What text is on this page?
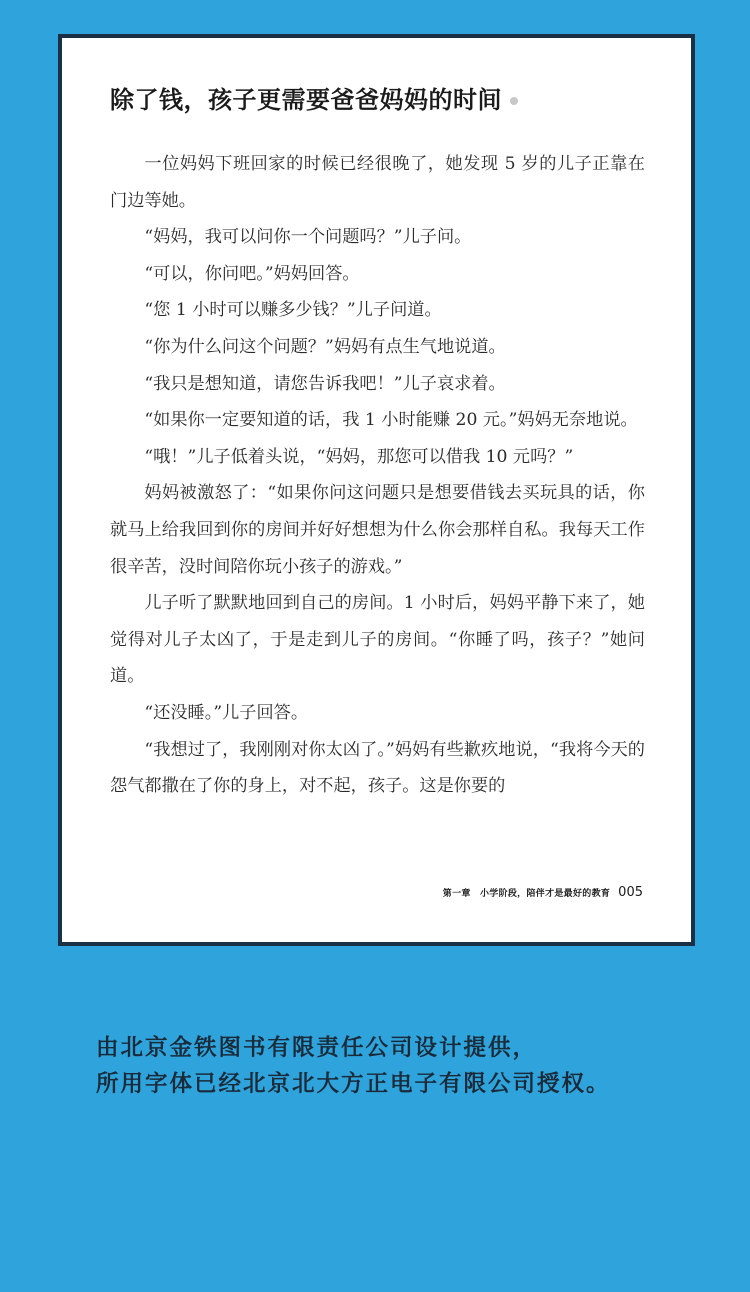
除了钱，孩子更需要爸爸妈妈的时间

一位妈妈下班回家的时候已经很晚了，她发现 5 岁的儿子正靠在门边等她。

“妈妈，我可以问你一个问题吗？”儿子问。

“可以，你问吧。”妈妈回答。

“您 1 小时可以赚多少钱？”儿子问道。

“你为什么问这个问题？”妈妈有点生气地说道。

“我只是想知道，请您告诉我吧！”儿子哀求着。

“如果你一定要知道的话，我 1 小时能赚 20 元。”妈妈无奈地说。

“哦！”儿子低着头说，“妈妈，那您可以借我 10 元吗？”

妈妈被激怒了：“如果你问这问题只是想要借钱去买玩具的话，你就马上给我回到你的房间并好好想想为什么你会那样自私。我每天工作很辛苦，没时间陪你玩小孩子的游戏。”

儿子听了默默地回到自己的房间。1 小时后，妈妈平静下来了，她觉得对儿子太凶了，于是走到儿子的房间。“你睡了吗，孩子？”她问道。

“还没睡。”儿子回答。

“我想过了，我刚刚对你太凶了。”妈妈有些歉疚地说，“我将今天的怨气都撒在了你的身上，对不起，孩子。这是你要的

第一章　小学阶段，陪伴才是最好的教育 005
由北京金铁图书有限责任公司设计提供，
所用字体已经北京北大方正电子有限公司授权。
